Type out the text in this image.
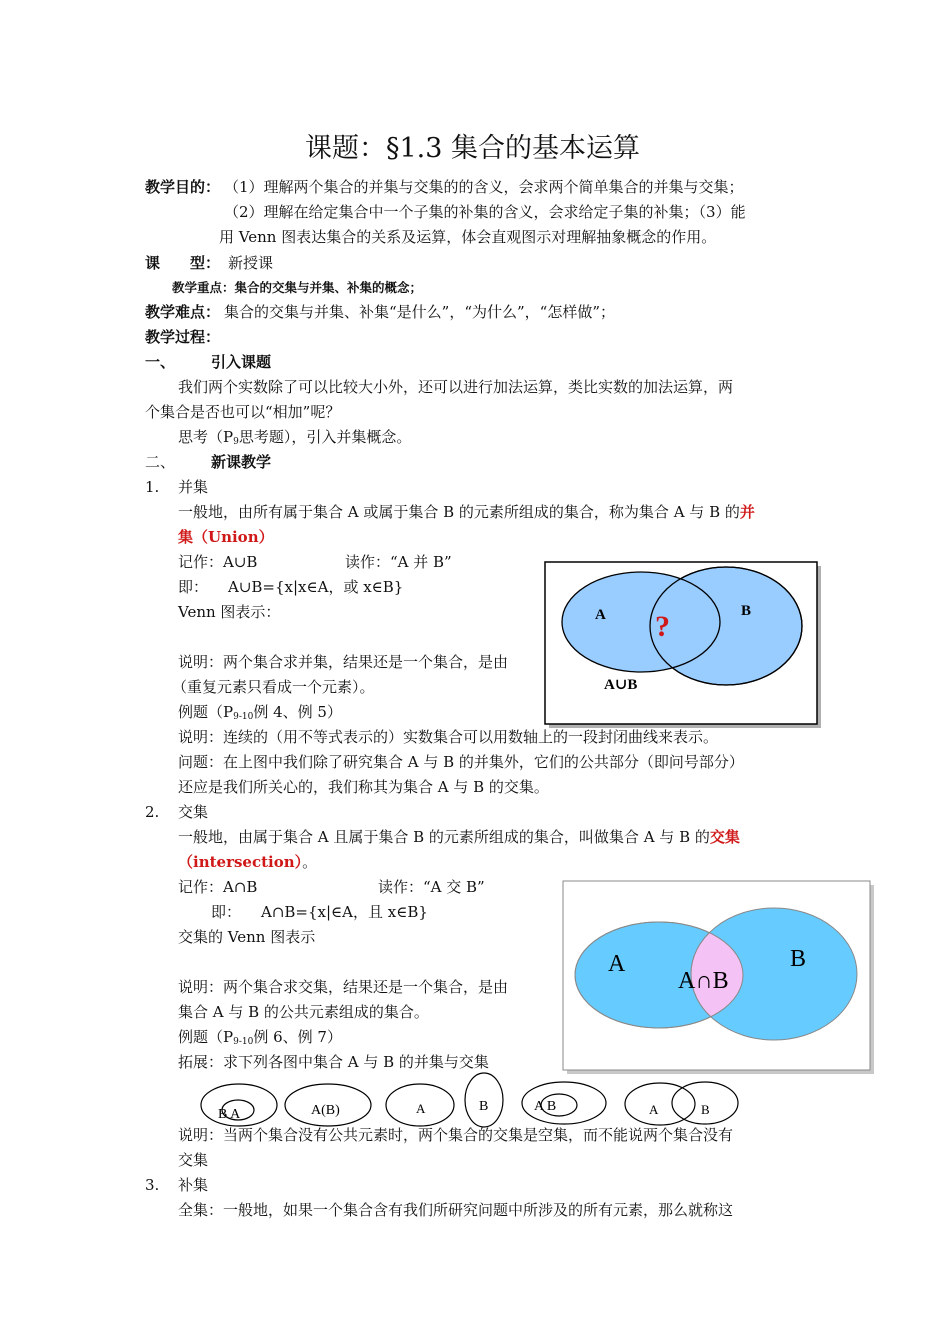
课题：§1.3 集合的基本运算
教学目的： （1）理解两个集合的并集与交集的的含义，会求两个简单集合的并集与交集；
（2）理解在给定集合中一个子集的补集的含义，会求给定子集的补集；（3）能
用 Venn 图表达集合的关系及运算，体会直观图示对理解抽象概念的作用。
课　　型： 新授课
教学重点：集合的交集与并集、补集的概念；
教学难点： 集合的交集与并集、补集“是什么”，“为什么”，“怎样做”；
教学过程：
一、 引入课题
我们两个实数除了可以比较大小外，还可以进行加法运算，类比实数的加法运算，两
个集合是否也可以“相加”呢？
思考（$P_9$思考题），引入并集概念。
二、 新课教学
1. 并集
一般地，由所有属于集合 A 或属于集合 B 的元素所组成的集合，称为集合 A 与 B 的并
集（Union）
记作：A∪B	读作：“A 并 B”
即： A∪B={x|x∈A，或 x∈B}
Venn 图表示：
说明：两个集合求并集，结果还是一个集合，是由
（重复元素只看成一个元素）。
例题（$P_{9-10}$例 4、例 5）
说明：连续的（用不等式表示的）实数集合可以用数轴上的一段封闭曲线来表示。
问题：在上图中我们除了研究集合 A 与 B 的并集外，它们的公共部分（即问号部分）
还应是我们所关心的，我们称其为集合 A 与 B 的交集。
A	B
?
A∪B
2. 交集
一般地，由属于集合 A 且属于集合 B 的元素所组成的集合，叫做集合 A 与 B 的交集
（intersection）。
记作：A∩B	读作：“A 交 B”
即： A∩B={x|∈A，且 x∈B}
交集的 Venn 图表示
说明：两个集合求交集，结果还是一个集合，是由
集合 A 与 B 的公共元素组成的集合。
例题（$P_{9-10}$例 6、例 7）
拓展：求下列各图中集合 A 与 B 的并集与交集
A	B
A∩B
B A	A(B)	A	B	A B	A	B
说明：当两个集合没有公共元素时，两个集合的交集是空集，而不能说两个集合没有
交集
3. 补集
全集：一般地，如果一个集合含有我们所研究问题中所涉及的所有元素，那么就称这
